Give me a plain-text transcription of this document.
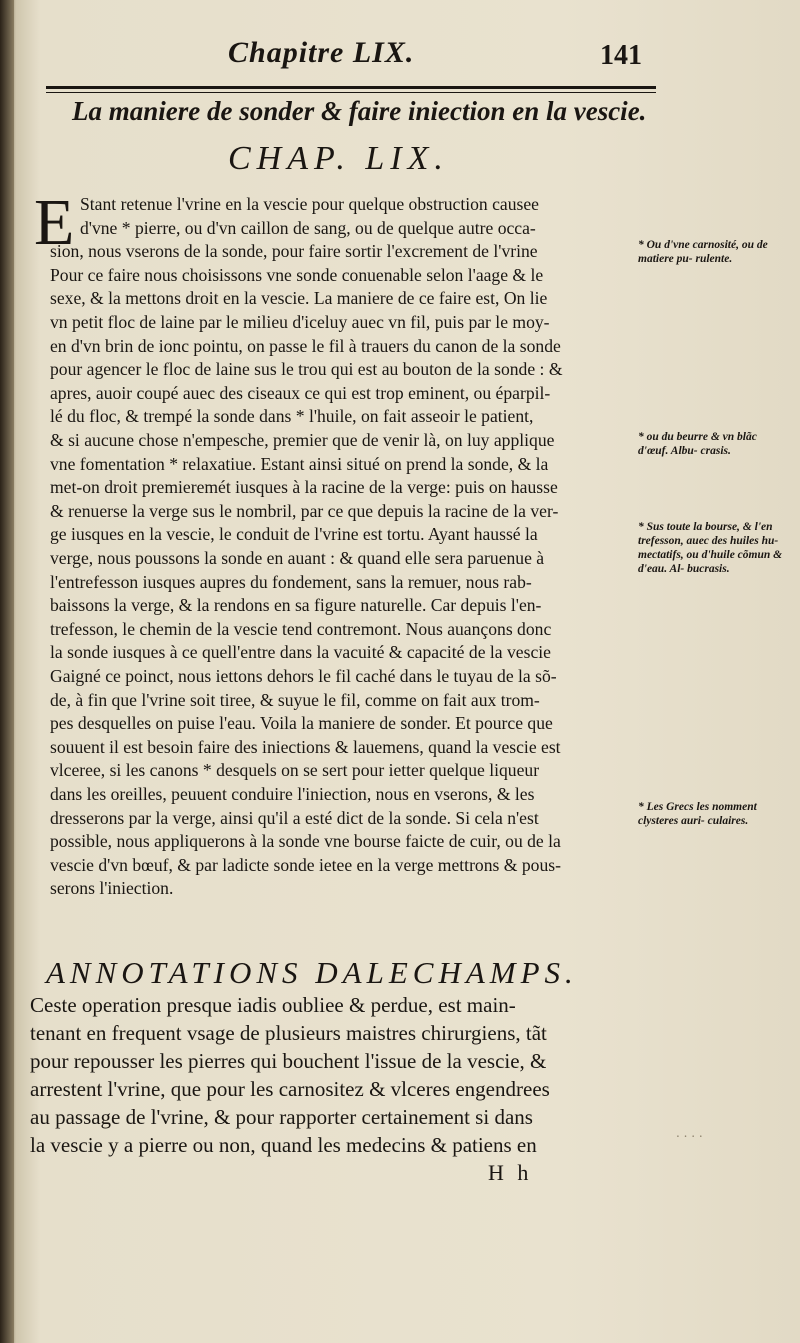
Chapitre LIX.	141
La maniere de sonder & faire iniection en la vescie.
CHAP. LIX.
E Stant retenue l'vrine en la vescie pour quelque obstruction causee
d'vne * pierre, ou d'vn caillon de sang, ou de quelque autre occa-
sion, nous vserons de la sonde, pour faire sortir l'excrement de l'vrine
Pour ce faire nous choisissons vne sonde conuenable selon l'aage & le
sexe, & la mettons droit en la vescie. La maniere de ce faire est, On lie
vn petit floc de laine par le milieu d'iceluy auec vn fil, puis par le moy-
en d'vn brin de ionc pointu, on passe le fil à trauers du canon de la sonde
pour agencer le floc de laine sus le trou qui est au bouton de la sonde : &
apres, auoir coupé auec des ciseaux ce qui est trop eminent, ou éparpil-
lé du floc, & trempé la sonde dans * l'huile, on fait asseoir le patient,
& si aucune chose n'empesche, premier que de venir là, on luy applique
vne fomentation * relaxatiue. Estant ainsi situé on prend la sonde, & la
met-on droit premieremét iusques à la racine de la verge: puis on hausse
& renuerse la verge sus le nombril, par ce que depuis la racine de la ver-
ge iusques en la vescie, le conduit de l'vrine est tortu. Ayant haussé la
verge, nous poussons la sonde en auant : & quand elle sera paruenue à
l'entrefesson iusques aupres du fondement, sans la remuer, nous rab-
baissons la verge, & la rendons en sa figure naturelle. Car depuis l'en-
trefesson, le chemin de la vescie tend contremont. Nous auançons donc
la sonde iusques à ce quell'entre dans la vacuité & capacité de la vescie
Gaigné ce poinct, nous iettons dehors le fil caché dans le tuyau de la sõ-
de, à fin que l'vrine soit tiree, & suyue le fil, comme on fait aux trom-
pes desquelles on puise l'eau. Voila la maniere de sonder. Et pource que
souuent il est besoin faire des iniections & lauemens, quand la vescie est
vlceree, si les canons * desquels on se sert pour ietter quelque liqueur
dans les oreilles, peuuent conduire l'iniection, nous en vserons, & les
dresserons par la verge, ainsi qu'il a esté dict de la sonde. Si cela n'est
possible, nous appliquerons à la sonde vne bourse faicte de cuir, ou de la
vescie d'vn bœuf, & par ladicte sonde ietee en la verge mettrons & pous-
serons l'iniection.
* Ou d'vne carnosité, ou de matiere pu- rulente.
* ou du beurre & vn blãc d'œuf. Albu- crasis.
* Sus toute la bourse, & l'en trefesson, auec des huiles hu- mectatifs, ou d'huile cõmun & d'eau. Al- bucrasis.
* Les Grecs les nomment clysteres auri- culaires.
ANNOTATIONS DALECHAMPS.
Ceste operation presque iadis oubliee & perdue, est main-
tenant en frequent vsage de plusieurs maistres chirurgiens, tãt
pour repousser les pierres qui bouchent l'issue de la vescie, &
arrestent l'vrine, que pour les carnositez & vlceres engendrees
au passage de l'vrine, & pour rapporter certainement si dans
la vescie y a pierre ou non, quand les medecins & patiens en	. . . .
H h
